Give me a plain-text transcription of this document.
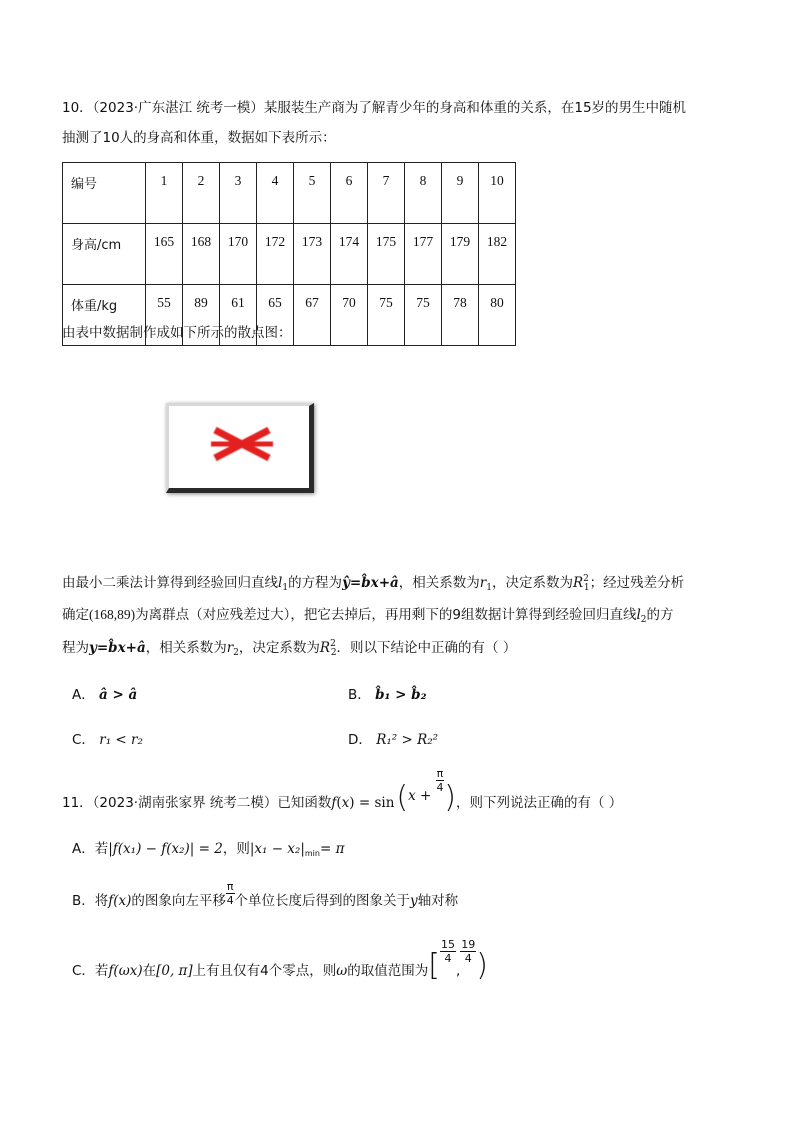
10．（2023·广东湛江 统考一模）某服装生产商为了解青少年的身高和体重的关系，在15岁的男生中随机
抽测了10人的身高和体重，数据如下表所示：
编号	1	2	3	4	5	6	7	8	9	10
身高/cm	165	168	170	172	173	174	175	177	179	182
体重/kg	55	89	61	65	67	70	75	75	78	80
由表中数据制作成如下所示的散点图：
由最小二乘法计算得到经验回归直线$l_1$的方程为ŷ=b̂x+â，相关系数为$r_1$，决定系数为$R^2_1$；经过残差分析
确定(168,89)为离群点（对应残差过大），把它去掉后，再用剩下的9组数据计算得到经验回归直线$l_2$的方
程为y=b̂x+â，相关系数为$r_2$，决定系数为$R^2_2$．则以下结论中正确的有（ ）
A． â > â	B． b̂₁ > b̂₂
C． r₁ < r₂	D． R₁² > R₂²
11．（2023·湖南张家界 统考二模）已知函数f(x) = sin(x +
$\frac{\pi}{4}$ )，则下列说法正确的有（ ）
A．若|f(x₁) − f(x₂)| = 2，则$|x_1 - x_2|_{min}= \pi$
B．将f(x)的图象向左平移 $\frac{\pi}{4}$ 个单位长度后得到的图象关于y轴对称
C．若f(ωx)在[0, π]上有且仅有4个零点，则ω的取值范围为[ $\frac{15}{4}$
,
$\frac{19}{4}$ )
